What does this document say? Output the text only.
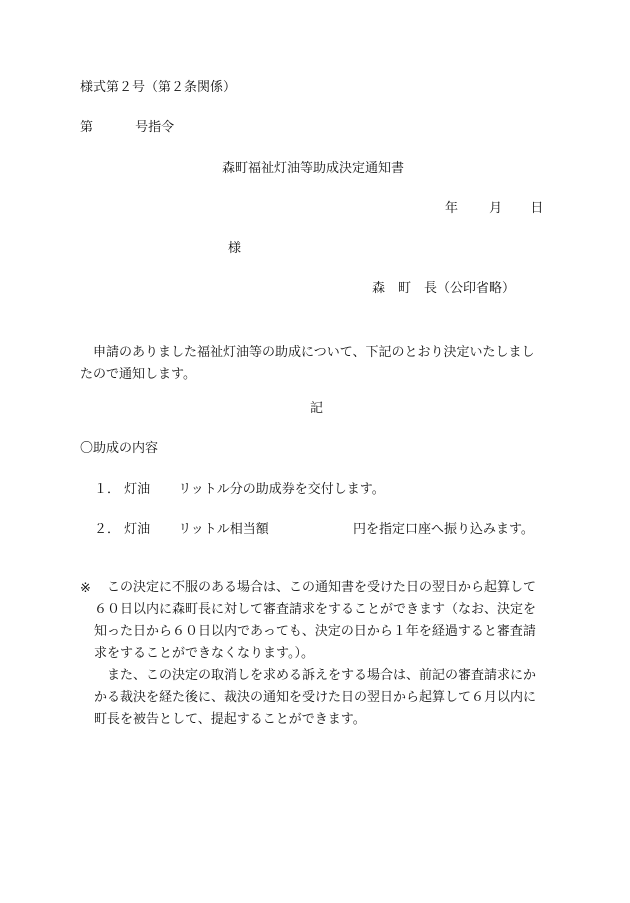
様式第２号（第２条関係）
第	号指令
森町福祉灯油等助成決定通知書
年 月 日
様
森　町　長（公印省略）
　申請のありました福祉灯油等の助成について、下記のとおり決定いたしまし
たので通知します。
記
〇助成の内容
１． 灯油 リットル分の助成券を交付します。
２． 灯油 リットル相当額	円を指定口座へ振り込みます。
※	この決定に不服のある場合は、この通知書を受けた日の翌日から起算して
６０日以内に森町長に対して審査請求をすることができます（なお、決定を
知った日から６０日以内であっても、決定の日から１年を経過すると審査請
求をすることができなくなります。）。
　また、この決定の取消しを求める訴えをする場合は、前記の審査請求にか
かる裁決を経た後に、裁決の通知を受けた日の翌日から起算して６月以内に
町長を被告として、提起することができます。
